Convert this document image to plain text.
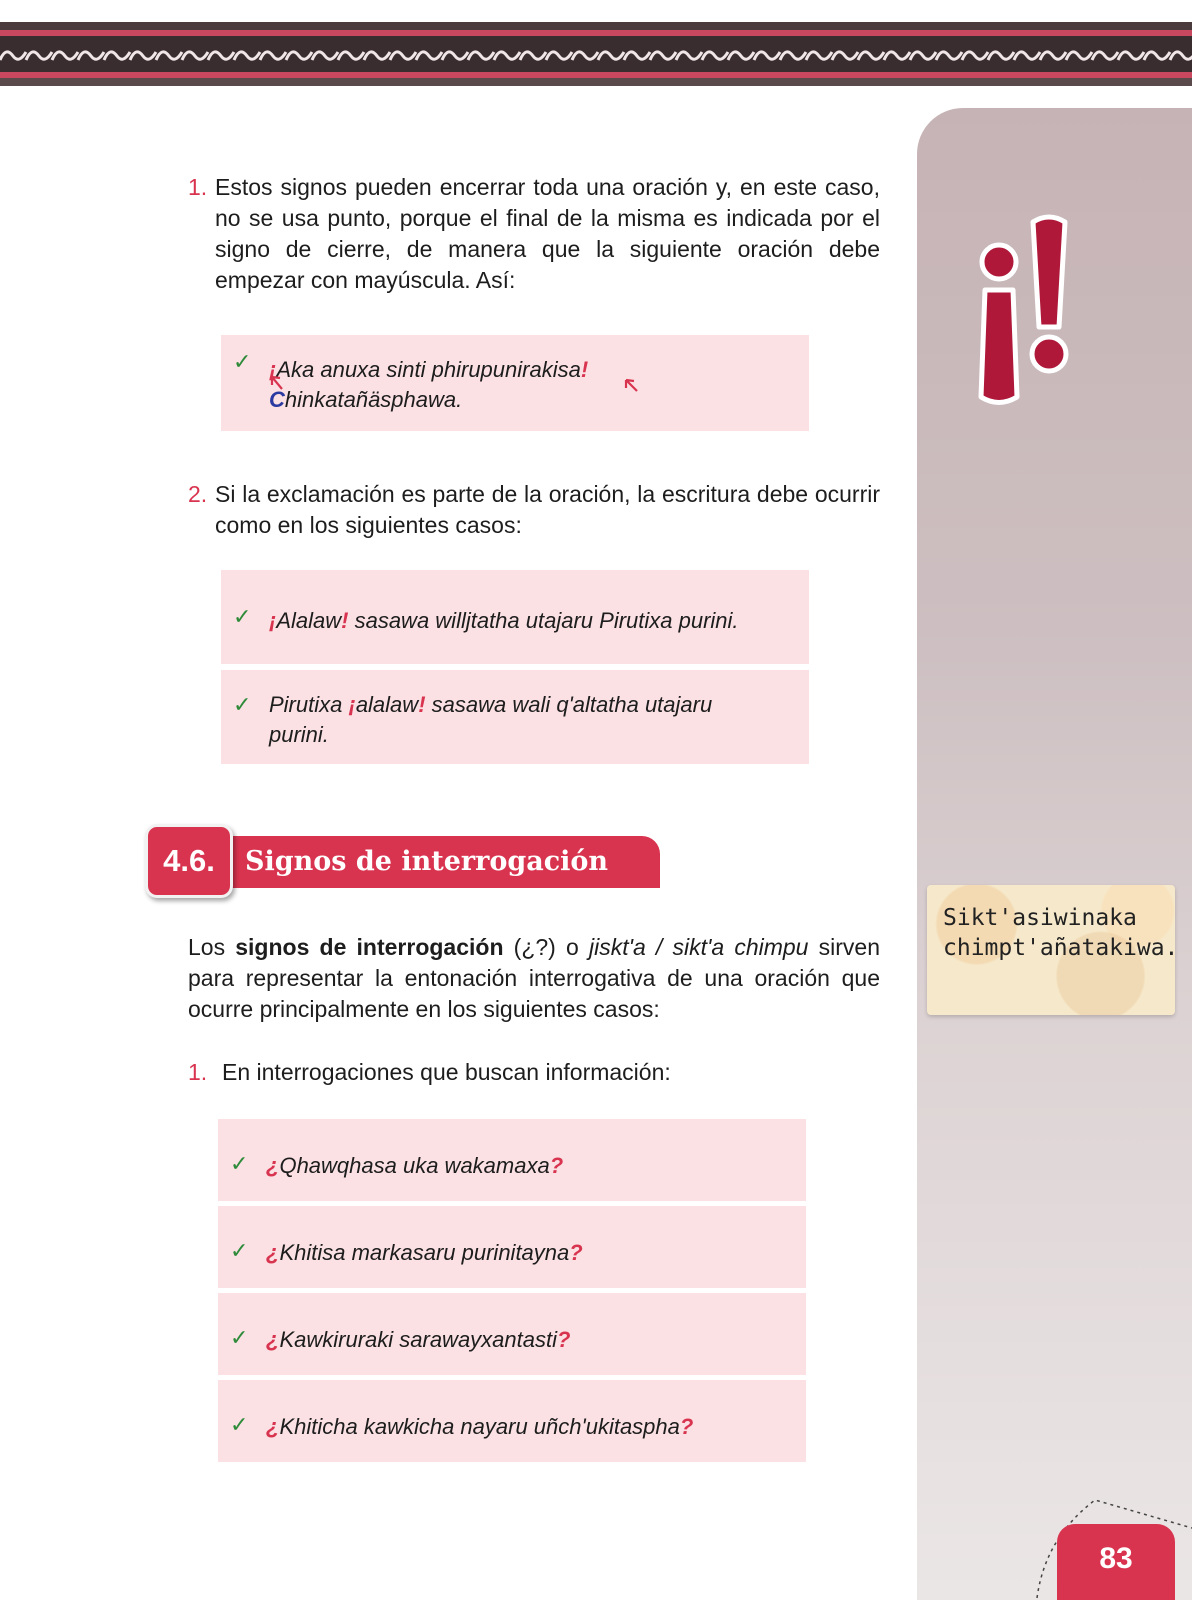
Sikt'asiwinaka chimpt'añatakiwa.
83
1. Estos signos pueden encerrar toda una oración y, en este caso, no se usa punto, porque el final de la misma es indicada por el signo de cierre, de manera que la siguiente oración debe empezar con mayúscula. Así:
✓ ¡Aka anuxa sinti phirupunirakisa!
Chinkatañäsphawa.
2. Si la exclamación es parte de la oración, la escritura debe ocurrir como en los siguientes casos:
✓ ¡Alalaw! sasawa willjtatha utajaru Pirutixa purini.
✓ Pirutixa ¡alalaw! sasawa wali q'altatha utajaru
purini.
4.6.	Signos de interrogación (¿?)
Los signos de interrogación (¿?) o jiskt'a / sikt'a chimpu sirven para representar la entonación interrogativa de una oración que ocurre principalmente en los siguientes casos:
1. En interrogaciones que buscan información:
✓ ¿Qhawqhasa uka wakamaxa?
✓ ¿Khitisa markasaru purinitayna?
✓ ¿Kawkiruraki sarawayxantasti?
✓ ¿Khiticha kawkicha nayaru uñch'ukitaspha?
